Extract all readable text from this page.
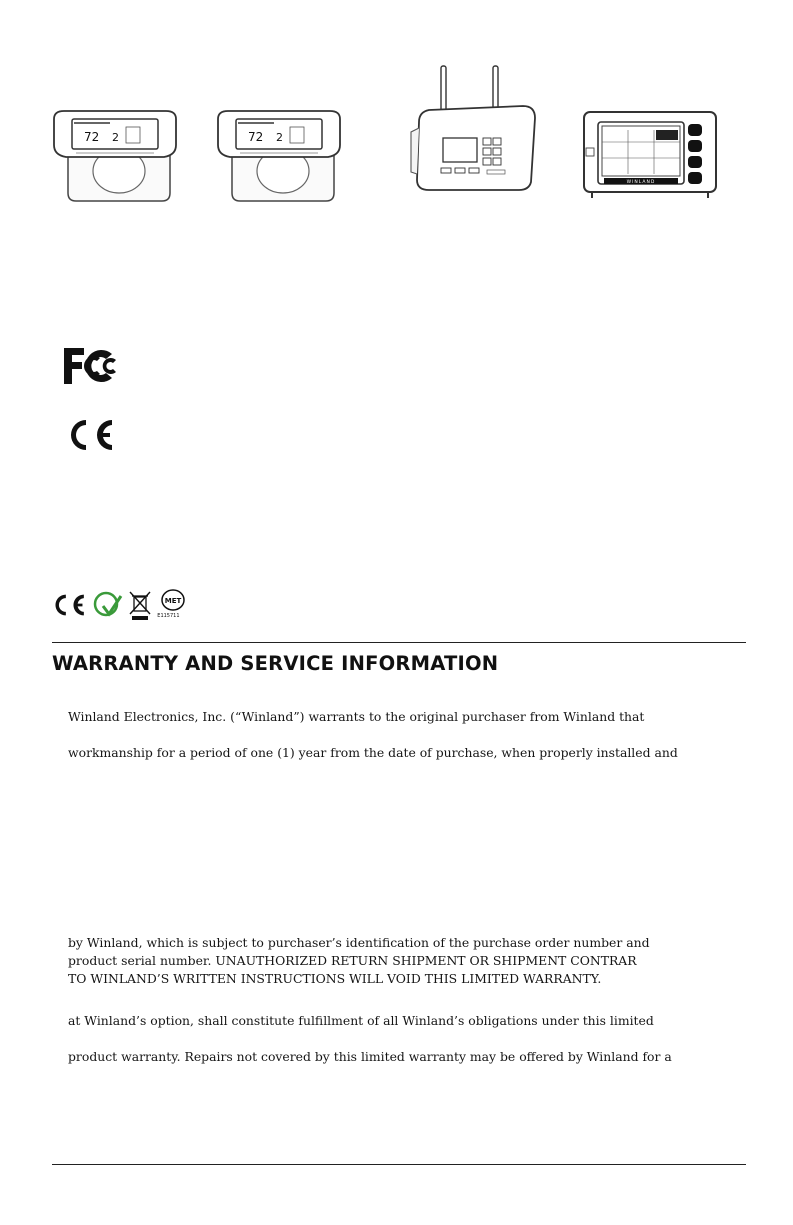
72 2	72 2
WINLAND

MET
E115711
WARRANTY AND SERVICE INFORMATION
Winland Electronics, Inc. (“Winland”) warrants to the original purchaser from Winland that
workmanship for a period of one (1) year from the date of purchase, when properly installed and
by Winland, which is subject to purchaser’s identification of the purchase order number and
product serial number. UNAUTHORIZED RETURN SHIPMENT OR SHIPMENT CONTRAR
TO WINLAND’S WRITTEN INSTRUCTIONS WILL VOID THIS LIMITED WARRANTY.
at Winland’s option, shall constitute fulfillment of all Winland’s obligations under this limited
product warranty. Repairs not covered by this limited warranty may be offered by Winland for a
